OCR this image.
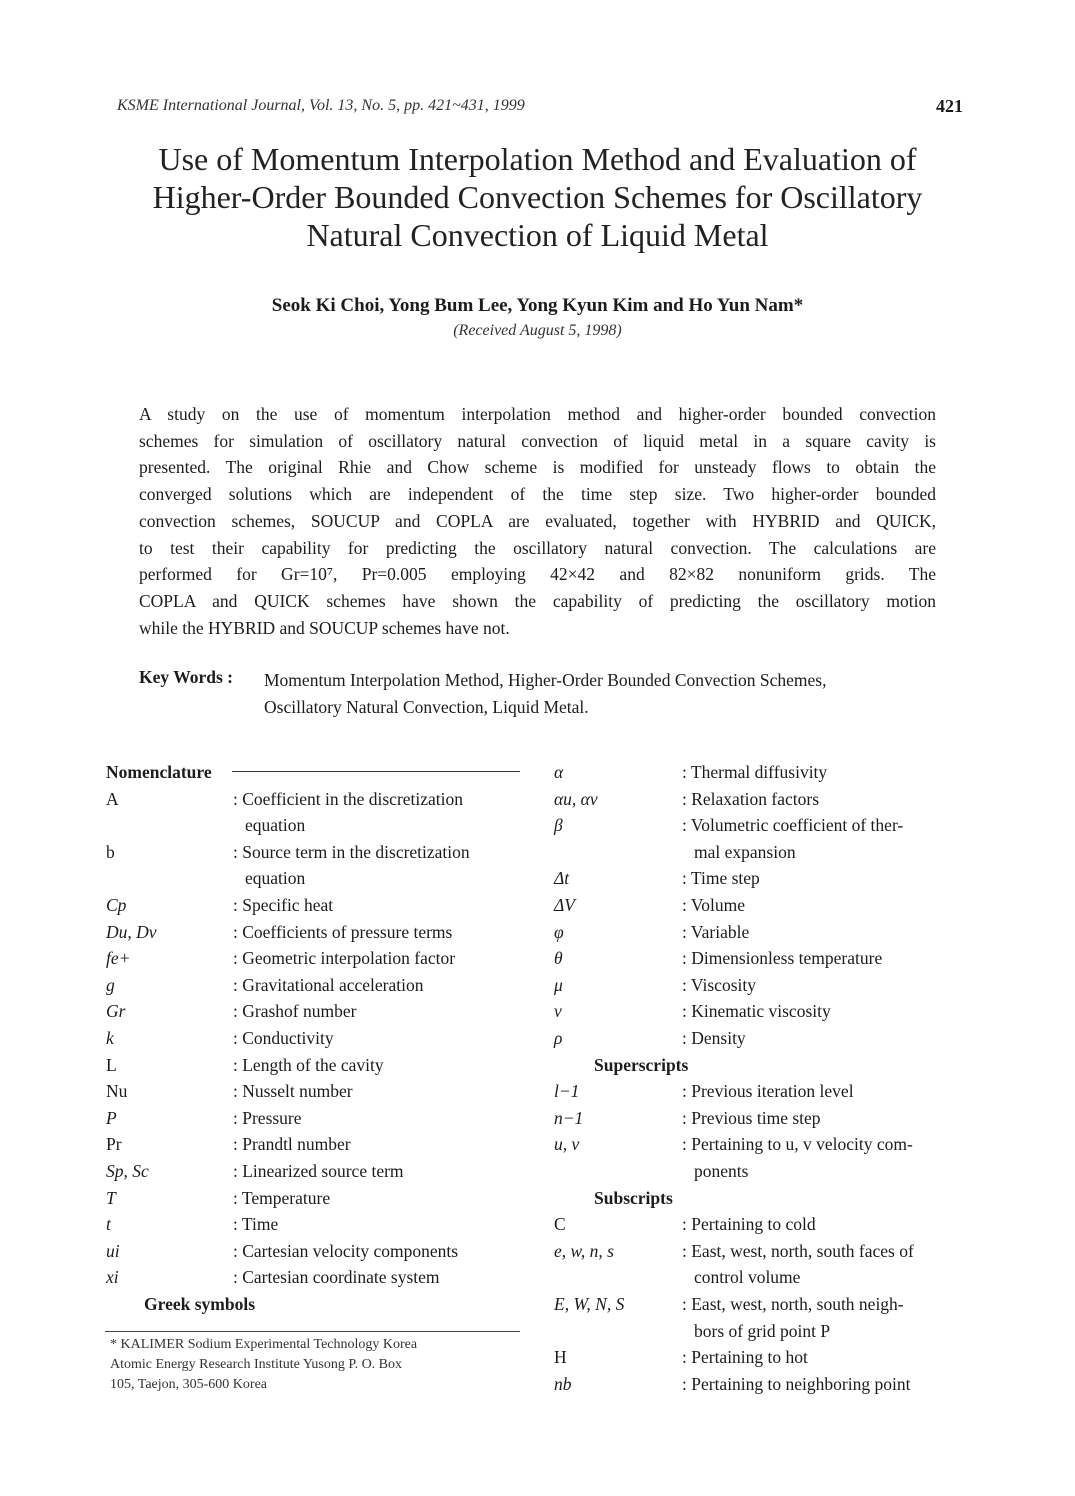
KSME International Journal, Vol. 13, No. 5, pp. 421~431, 1999	421
Use of Momentum Interpolation Method and Evaluation of
Higher-Order Bounded Convection Schemes for Oscillatory
Natural Convection of Liquid Metal
Seok Ki Choi, Yong Bum Lee, Yong Kyun Kim and Ho Yun Nam*
(Received August 5, 1998)
A study on the use of momentum interpolation method and higher-order bounded convection
schemes for simulation of oscillatory natural convection of liquid metal in a square cavity is
presented. The original Rhie and Chow scheme is modified for unsteady flows to obtain the
converged solutions which are independent of the time step size. Two higher-order bounded
convection schemes, SOUCUP and COPLA are evaluated, together with HYBRID and QUICK,
to test their capability for predicting the oscillatory natural convection. The calculations are
performed for Gr=10⁷, Pr=0.005 employing 42×42 and 82×82 nonuniform grids. The
COPLA and QUICK schemes have shown the capability of predicting the oscillatory motion
while the HYBRID and SOUCUP schemes have not.
Key Words : Momentum Interpolation Method, Higher-Order Bounded Convection Schemes,
Oscillatory Natural Convection, Liquid Metal.
Nomenclature
A	: Coefficient in the discretization
equation
b	: Source term in the discretization
equation
Cp	: Specific heat
Du, Dv	: Coefficients of pressure terms
fe+	: Geometric interpolation factor
g	: Gravitational acceleration
Gr	: Grashof number
k	: Conductivity
L	: Length of the cavity
Nu	: Nusselt number
P	: Pressure
Pr	: Prandtl number
Sp, Sc	: Linearized source term
T	: Temperature
t	: Time
ui	: Cartesian velocity components
xi	: Cartesian coordinate system
Greek symbols
α	: Thermal diffusivity
αu, αv	: Relaxation factors
β	: Volumetric coefficient of ther-
mal expansion
Δt	: Time step
ΔV	: Volume
φ	: Variable
θ	: Dimensionless temperature
μ	: Viscosity
ν	: Kinematic viscosity
ρ	: Density
Superscripts
l−1	: Previous iteration level
n−1	: Previous time step
u, v	: Pertaining to u, v velocity com-
ponents
Subscripts
C	: Pertaining to cold
e, w, n, s	: East, west, north, south faces of
control volume
E, W, N, S	: East, west, north, south neigh-
bors of grid point P
H	: Pertaining to hot
nb	: Pertaining to neighboring point
* KALIMER Sodium Experimental Technology Korea
Atomic Energy Research Institute Yusong P. O. Box
105, Taejon, 305-600 Korea
